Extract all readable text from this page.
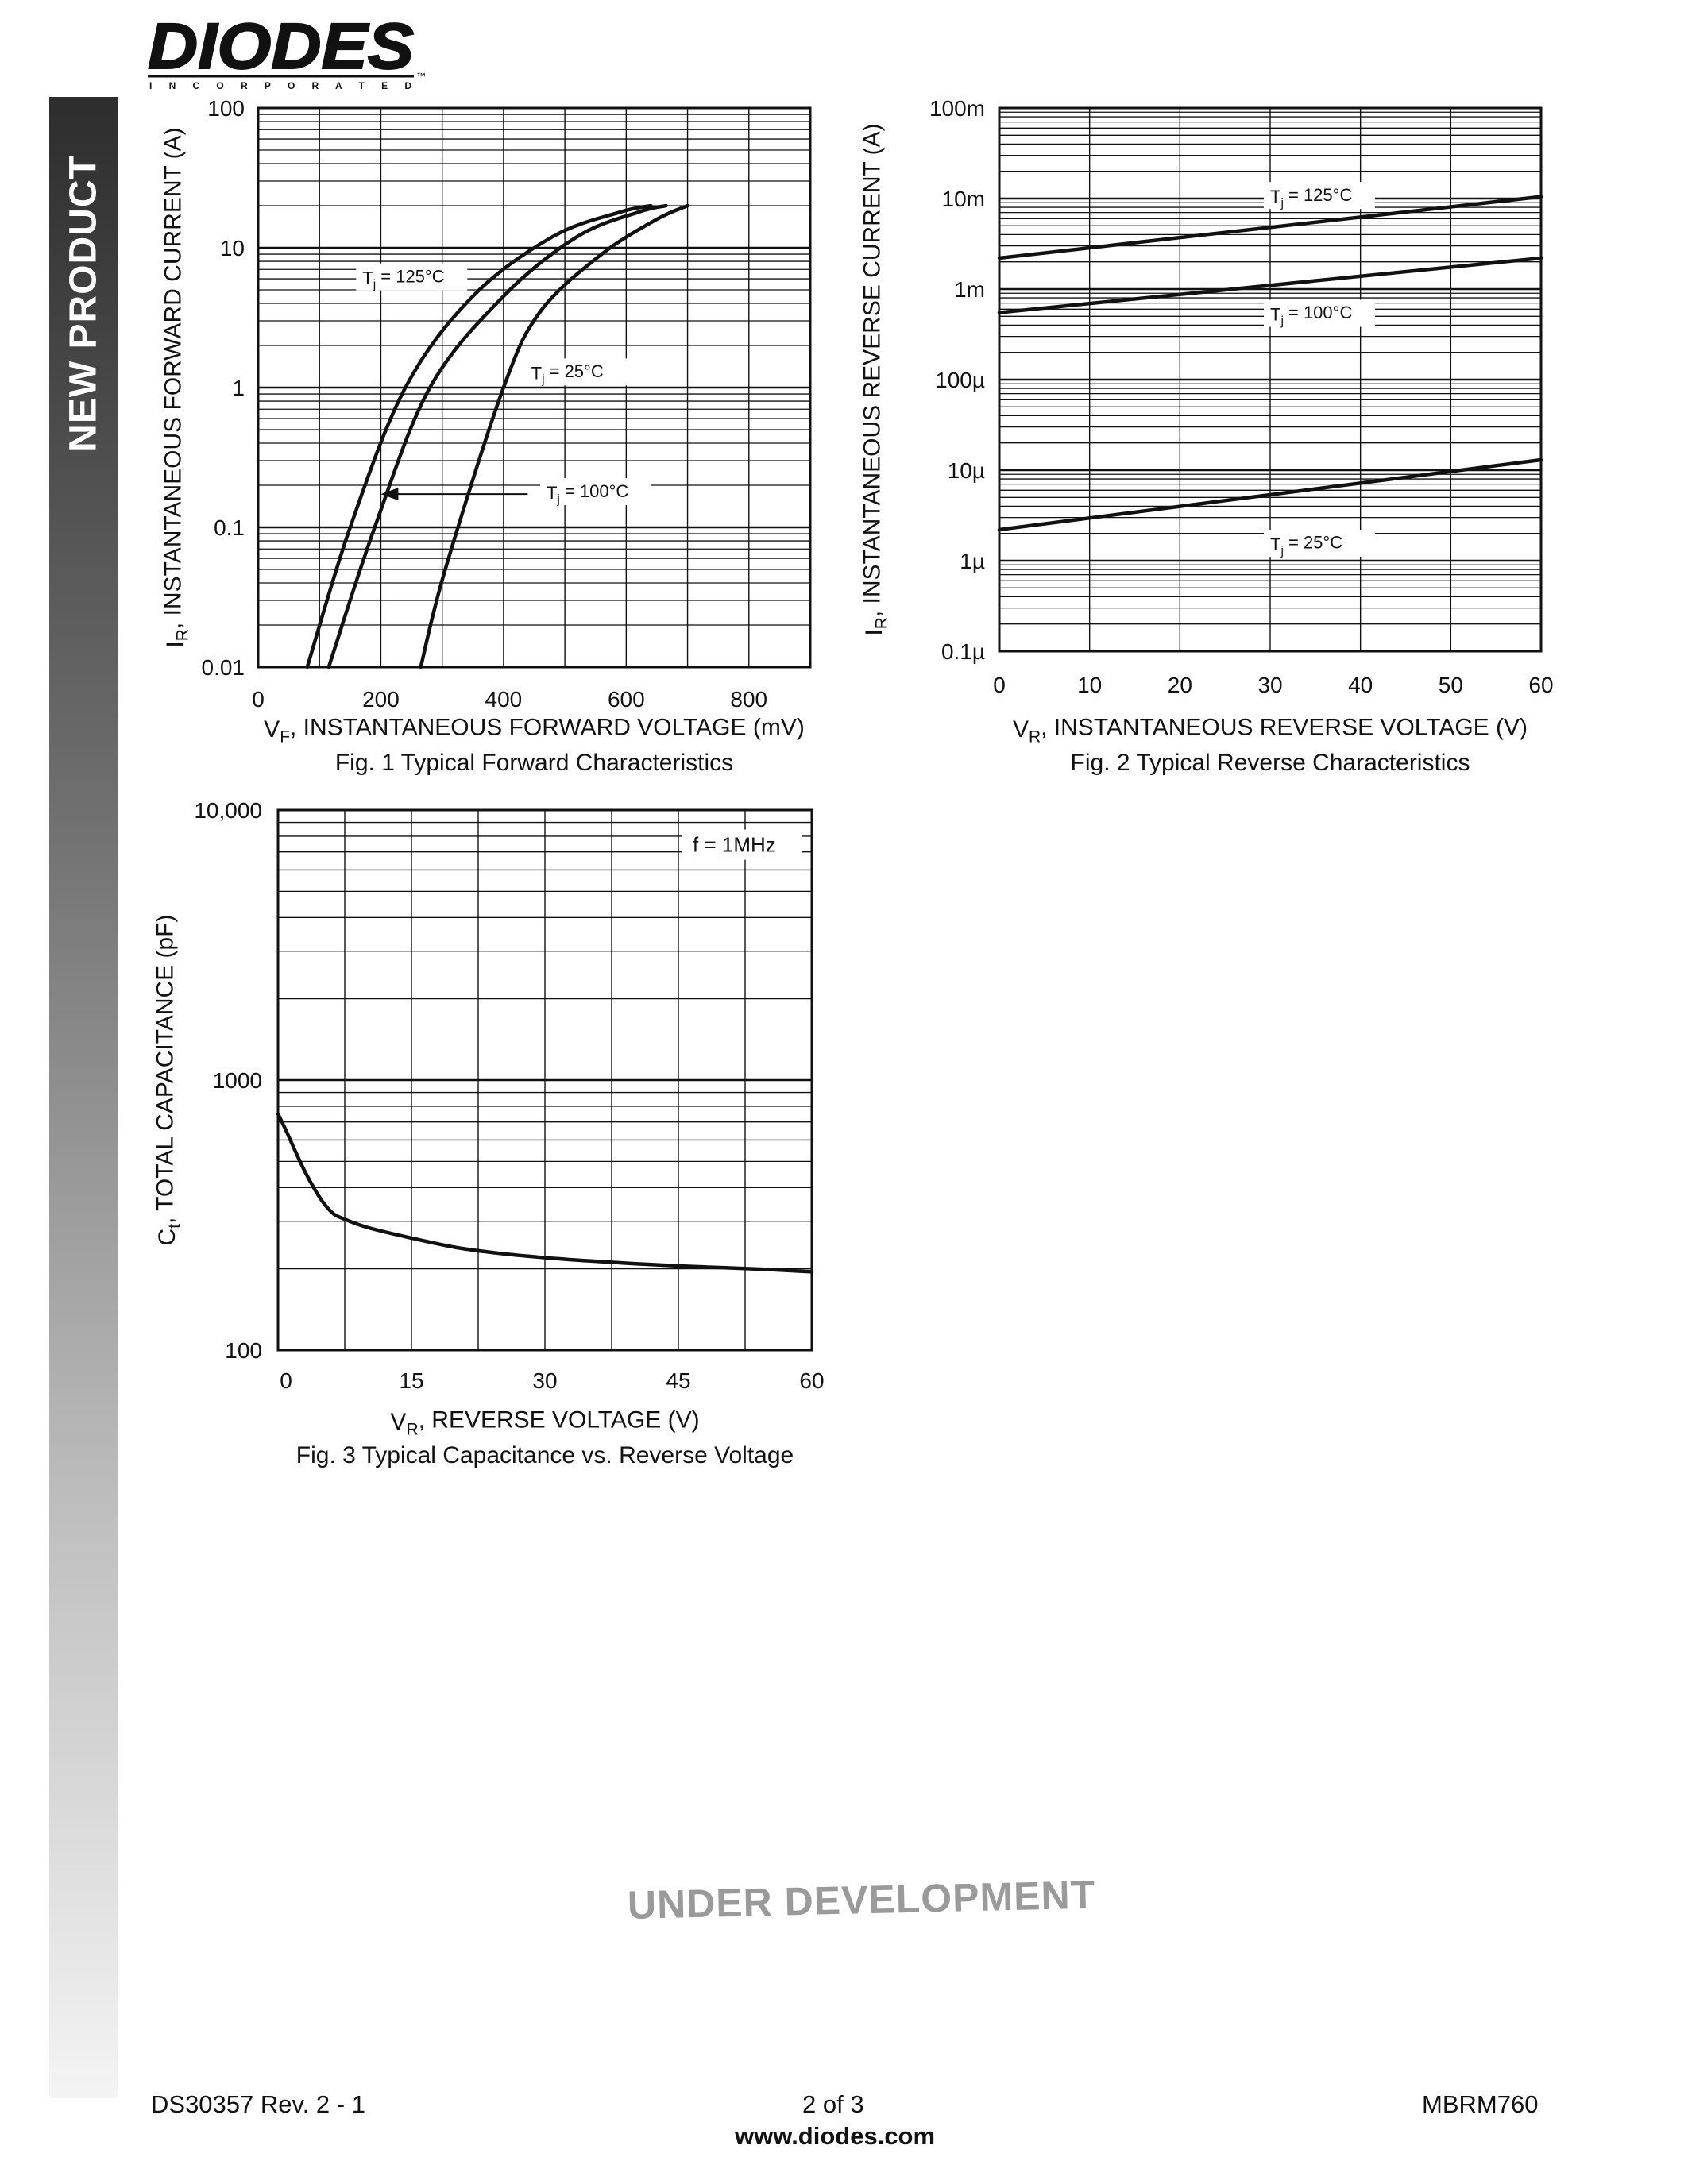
DIODES
I N C O R P O R A T E D
™
NEW PRODUCT
0.01
0.1
1
10
100
0	200	400	600	800
$T_j = 125^\circ C$
$T_j = 100^\circ C$
$T_j = 25^\circ C$
$V_F$, INSTANTANEOUS FORWARD VOLTAGE (mV)
$I_R$, INSTANTANEOUS FORWARD CURRENT (A)
Fig. 1 Typical Forward Characteristics
0.1µ
1µ
10µ
100µ
1m
10m
100m
0	10	20	30	40	50	60
$T_j = 125^\circ C$
$T_j = 100^\circ C$
$T_j = 25^\circ C$
$V_R$, INSTANTANEOUS REVERSE VOLTAGE (V)
$I_R$, INSTANTANEOUS REVERSE CURRENT (A)
Fig. 2 Typical Reverse Characteristics
100
1000
10,000
0	15	30	45	60
f = 1MHz
$V_R$, REVERSE VOLTAGE (V)
$C_t$, TOTAL CAPACITANCE (pF)
Fig. 3 Typical Capacitance vs. Reverse Voltage
UNDER DEVELOPMENT
DS30357 Rev. 2 - 1	2 of 3	MBRM760
www.diodes.com
